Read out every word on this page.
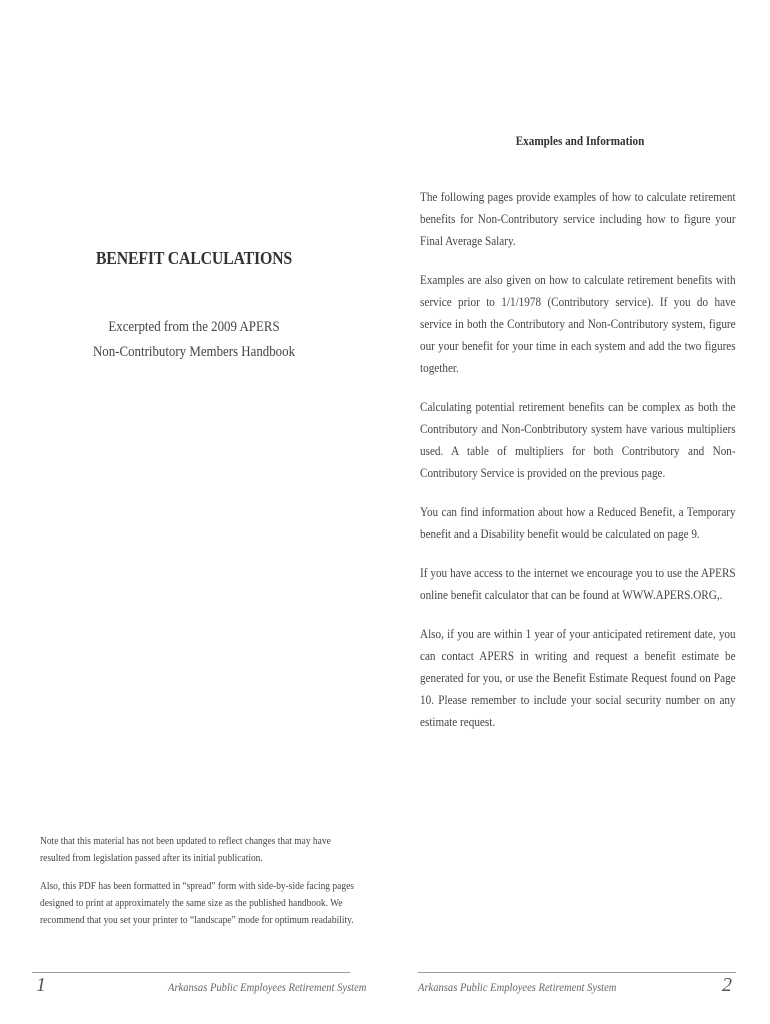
BENEFIT CALCULATIONS
Excerpted from the 2009 APERS
Non-Contributory Members Handbook

Note that this material has not been updated to reflect changes that may have resulted from legislation passed after its initial publication.

Also, this PDF has been formatted in “spread” form with side-by-side facing pages designed to print at approximately the same size as the published handbook. We recommend that you set your printer to “landscape” mode for optimum readability.

1	Arkansas Public Employees Retirement System
Examples and Information

The following pages provide examples of how to calculate retirement benefits for Non-Contributory service including how to figure your Final Average Salary.

Examples are also given on how to calculate retirement benefits with service prior to 1/1/1978 (Contributory service). If you do have service in both the Contributory and Non-Contributory system, figure our your benefit for your time in each system and add the two figures together.

Calculating potential retirement benefits can be complex as both the Contributory and Non-Conbtributory system have various multipliers used. A table of multipliers for both Contributory and Non-Contributory Service is provided on the previous page.

You can find information about how a Reduced Benefit, a Temporary benefit and a Disability benefit would be calculated on page 9.

If you have access to the internet we encourage you to use the APERS online benefit calculator that can be found at WWW.APERS.ORG,.

Also, if you are within 1 year of your anticipated retirement date, you can contact APERS in writing and request a benefit estimate be generated for you, or use the Benefit Estimate Request found on Page 10. Please remember to include your social security number on any estimate request.

Arkansas Public Employees Retirement System	2
